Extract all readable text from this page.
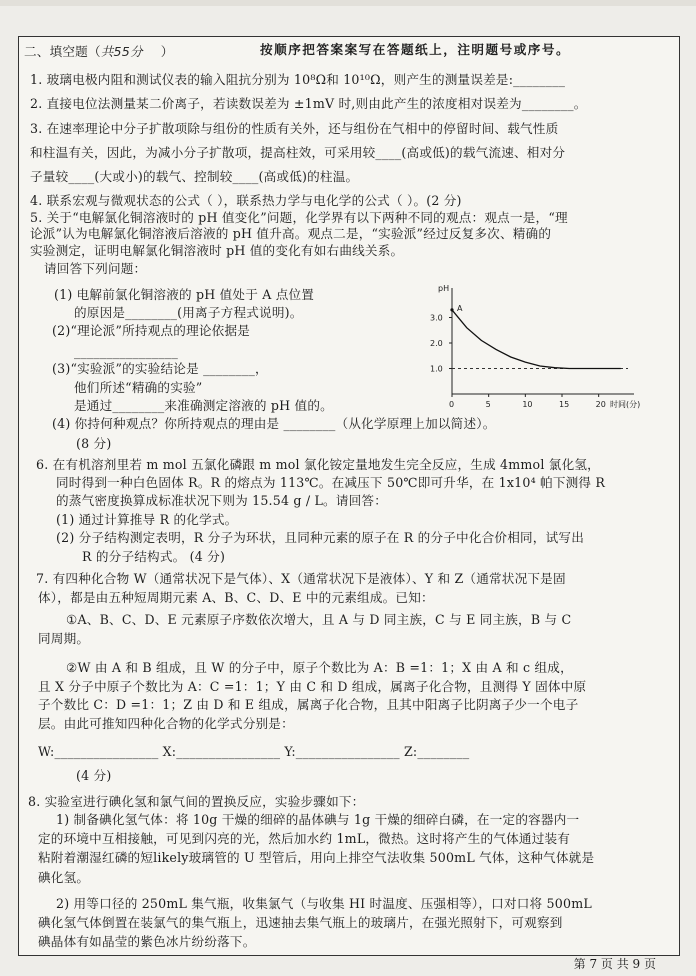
二、填空题（共55分 ）	按顺序把答案案写在答题纸上，注明题号或序号。
1. 玻璃电极内阻和测试仪表的输入阻抗分别为 10⁸Ω和 10¹⁰Ω，则产生的测量误差是:________
2. 直接电位法测量某二价离子，若读数误差为 ±1mV 时,则由此产生的浓度相对误差为________。
3. 在速率理论中分子扩散项除与组份的性质有关外，还与组份在气相中的停留时间、载气性质
和柱温有关，因此，为减小分子扩散项，提高柱效，可采用较____(高或低)的载气流速、相对分
子量较____(大或小)的载气、控制较____(高或低)的柱温。
4. 联系宏观与微观状态的公式（ ），联系热力学与电化学的公式（ ）。(2 分)
5. 关于“电解氯化铜溶液时的 pH 值变化”问题，化学界有以下两种不同的观点：观点一是，“理
论派”认为电解氯化铜溶液后溶液的 pH 值升高。观点二是，“实验派”经过反复多次、精确的
实验测定，证明电解氯化铜溶液时 pH 值的变化有如右曲线关系。
请回答下列问题：
(1) 电解前氯化铜溶液的 pH 值处于 A 点位置
的原因是________(用离子方程式说明)。
(2)“理论派”所持观点的理论依据是
________________
(3)“实验派”的实验结论是 ________，
他们所述“精确的实验”
是通过________来准确测定溶液的 pH 值的。
(4) 你持何种观点？你所持观点的理由是 ________（从化学原理上加以简述）。
(8 分)
6. 在有机溶剂里若 m mol 五氯化磷跟 m mol 氯化铵定量地发生完全反应，生成 4mmol 氯化氢，
同时得到一种白色固体 R。R 的熔点为 113℃。在减压下 50℃即可升华，在 1x10⁴ 帕下测得 R
的蒸气密度换算成标准状况下则为 15.54 g / L。请回答：
(1) 通过计算推导 R 的化学式。
(2) 分子结构测定表明，R 分子为环状，且同种元素的原子在 R 的分子中化合价相同，试写出
R 的分子结构式。 (4 分)
7. 有四种化合物 W（通常状况下是气体）、X（通常状况下是液体）、Y 和 Z（通常状况下是固
体），都是由五种短周期元素 A、B、C、D、E 中的元素组成。已知：
①A、B、C、D、E 元素原子序数依次增大，且 A 与 D 同主族，C 与 E 同主族，B 与 C
同周期。
②W 由 A 和 B 组成，且 W 的分子中，原子个数比为 A：B =1：1；X 由 A 和 c 组成，
且 X 分子中原子个数比为 A：C =1：1；Y 由 C 和 D 组成，属离子化合物，且测得 Y 固体中原
子个数比 C：D =1：1；Z 由 D 和 E 组成，属离子化合物，且其中阳离子比阴离子少一个电子
层。由此可推知四种化合物的化学式分别是：
W:________________ X:________________ Y:________________ Z:________
(4 分)
8. 实验室进行碘化氢和氯气间的置换反应，实验步骤如下：
1) 制备碘化氢气体：将 10g 干燥的细碎的晶体碘与 1g 干燥的细碎白磷，在一定的容器内一
定的环境中互相接触，可见到闪亮的光，然后加水约 1mL，微热。这时将产生的气体通过装有
粘附着潮湿红磷的短likely玻璃管的 U 型管后，用向上排空气法收集 500mL 气体，这种气体就是
碘化氢。
2) 用等口径的 250mL 集气瓶，收集氯气（与收集 HI 时温度、压强相等），口对口将 500mL
碘化氢气体倒置在装氯气的集气瓶上，迅速抽去集气瓶上的玻璃片，在强光照射下，可观察到
碘晶体有如晶莹的紫色冰片纷纷落下。
pH
时间(分)
3.0
2.0
1.0
0	5	10	15	20
A
第 7 页 共 9 页
